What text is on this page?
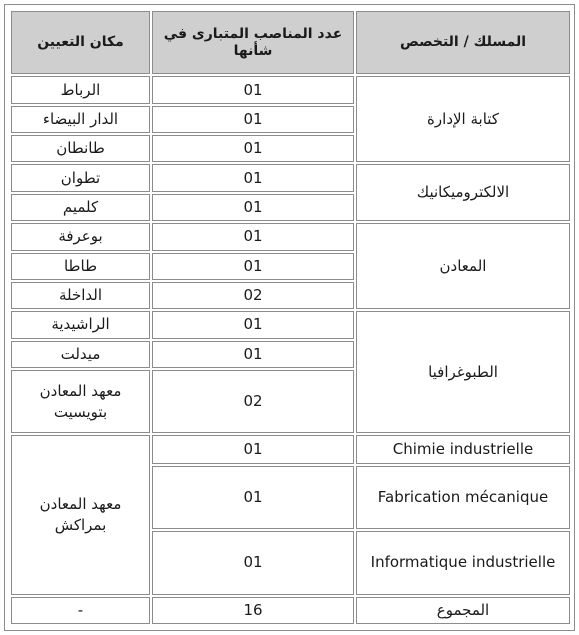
مكان التعيين	عدد المناصب المتبارى في شأنها	المسلك / التخصص
الرباط	01	كتابة الإدارة
الدار البيضاء	01	
طانطان	01	
تطوان	01	الالكتروميكانيك
كلميم	01	
بوعرفة	01	المعادن
طاطا	01	
الداخلة	02	
الراشيدية	01	الطبوغرافيا
ميدلت	01	
معهد المعادن بتويسيت	02	
معهد المعادن بمراكش	01	Chimie industrielle
	01	Fabrication mécanique
	01	Informatique industrielle
-	16	المجموع
